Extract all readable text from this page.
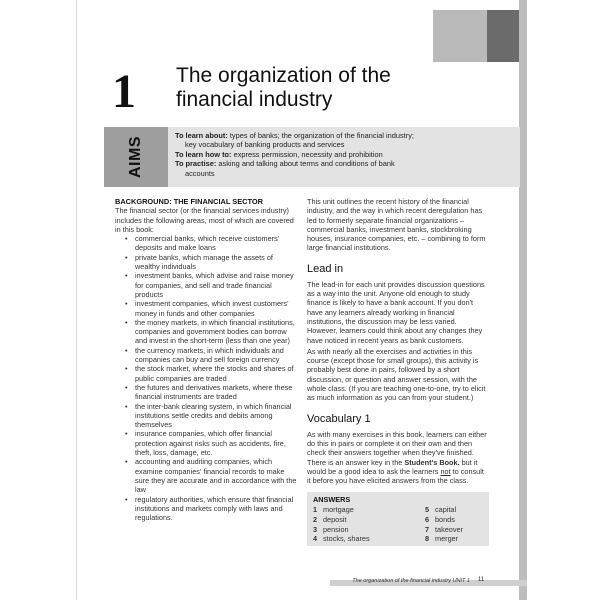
1 The organization of the
financial industry
AIMS

To learn about: types of banks; the organization of the financial industry;

key vocabulary of banking products and services

To learn how to: express permission, necessity and prohibition

To practise: asking and talking about terms and conditions of bank

accounts

BACKGROUND: THE FINANCIAL SECTOR

The financial sector (or the financial services industry) includes the following areas, most of which are covered in this book:

• commercial banks, which receive customers' deposits and make loans
• private banks, which manage the assets of wealthy individuals
• investment banks, which advise and raise money for companies, and sell and trade financial products
• investment companies, which invest customers' money in funds and other companies
• the money markets, in which financial institutions, companies and government bodies can borrow and invest in the short-term (less than one year)
• the currency markets, in which individuals and companies can buy and sell foreign currency
• the stock market, where the stocks and shares of public companies are traded
• the futures and derivatives markets, where these financial instruments are traded
• the inter-bank clearing system, in which financial institutions settle credits and debits among themselves
• insurance companies, which offer financial protection against risks such as accidents, fire, theft, loss, damage, etc.
• accounting and auditing companies, which examine companies' financial records to make sure they are accurate and in accordance with the law
• regulatory authorities, which ensure that financial institutions and markets comply with laws and regulations.

This unit outlines the recent history of the financial industry, and the way in which recent deregulation has led to formerly separate financial organizations – commercial banks, investment banks, stockbroking houses, insurance companies, etc. – combining to form large financial institutions.

Lead in

The lead-in for each unit provides discussion questions as a way into the unit. Anyone old enough to study finance is likely to have a bank account. If you don't have any learners already working in financial institutions, the discussion may be less varied. However, learners could think about any changes they have noticed in recent years as bank customers.

As with nearly all the exercises and activities in this course (except those for small groups), this activity is probably best done in pairs, followed by a short discussion, or question and answer session, with the whole class. (If you are teaching one-to-one, try to elicit as much information as you can from your student.)

Vocabulary 1

As with many exercises in this book, learners can either do this in pairs or complete it on their own and then check their answers together when they've finished. There is an answer key in the Student's Book. but it would be a good idea to ask the learners not to consult it before you have elicited answers from the class.

ANSWERS
1 mortgage
2 deposit
3 pension
4 stocks, shares
5 capital
6 bonds
7 takeover
8 merger
The organization of the financial industry UNIT 1 11
